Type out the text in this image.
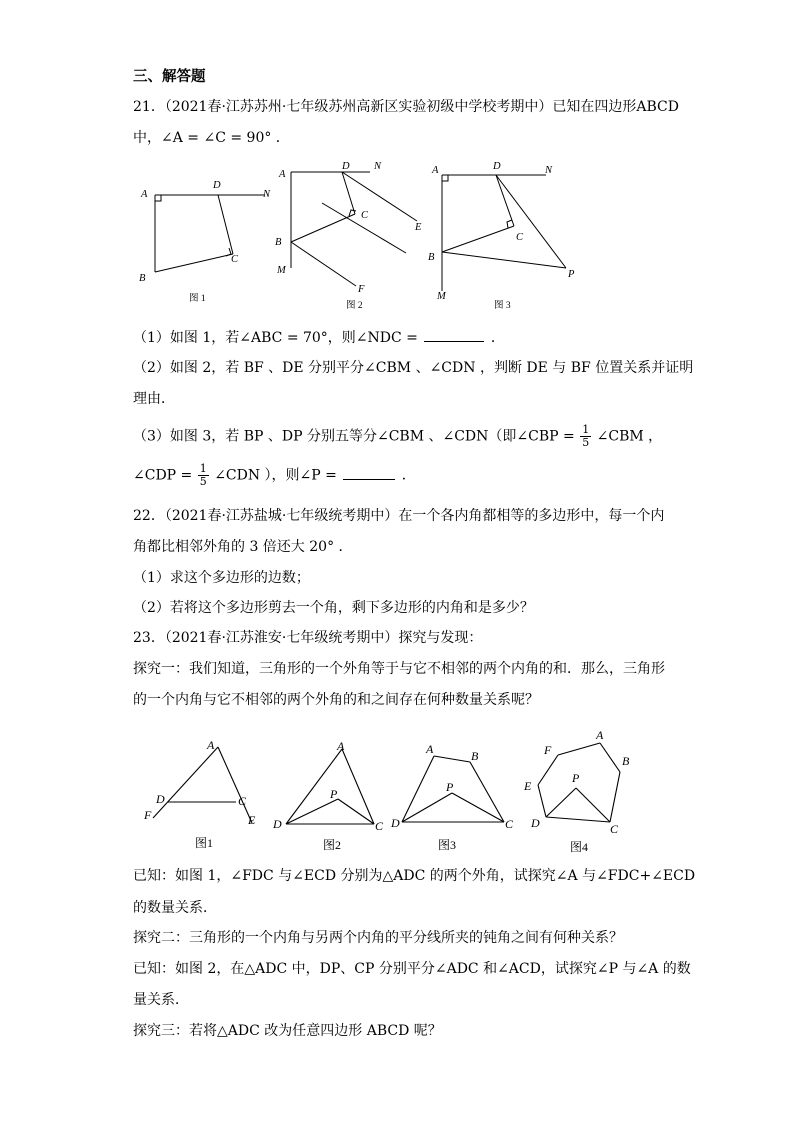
三、解答题
21．（2021春·江苏苏州·七年级苏州高新区实验初级中学校考期中）已知在四边形ABCD
中，∠A = ∠C = 90° ．
A
D
N
C
B
图 1
A
D N
C
E
B
M
F
图 2
A	D	N
C
B
P
M
图 3
（1）如图 1，若∠ABC = 70°，则∠NDC =	．
（2）如图 2，若 BF 、DE 分别平分∠CBM 、∠CDN ，判断 DE 与 BF 位置关系并证明
理由．
（3）如图 3，若 BP 、DP 分别五等分∠CBM 、∠CDN（即∠CBP = $\frac{1}{5}$ ∠CBM ，
∠CDP = $\frac{1}{5}$ ∠CDN ），则∠P =	．
22．（2021春·江苏盐城·七年级统考期中）在一个各内角都相等的多边形中，每一个内
角都比相邻外角的 3 倍还大 20° ．
（1）求这个多边形的边数；
（2）若将这个多边形剪去一个角，剩下多边形的内角和是多少？
23．（2021春·江苏淮安·七年级统考期中）探究与发现：
探究一：我们知道，三角形的一个外角等于与它不相邻的两个内角的和．那么，三角形
的一个内角与它不相邻的两个外角的和之间存在何种数量关系呢？
A
D	C
F	E
图1
A
P
D	C
图2
A	B
P
D	C
图3
F
A
B
P
E
D	C
图4
已知：如图 1，∠FDC 与∠ECD 分别为△ADC 的两个外角，试探究∠A 与∠FDC+∠ECD
的数量关系．
探究二：三角形的一个内角与另两个内角的平分线所夹的钝角之间有何种关系？
已知：如图 2，在△ADC 中，DP、CP 分别平分∠ADC 和∠ACD，试探究∠P 与∠A 的数
量关系．
探究三：若将△ADC 改为任意四边形 ABCD 呢？
